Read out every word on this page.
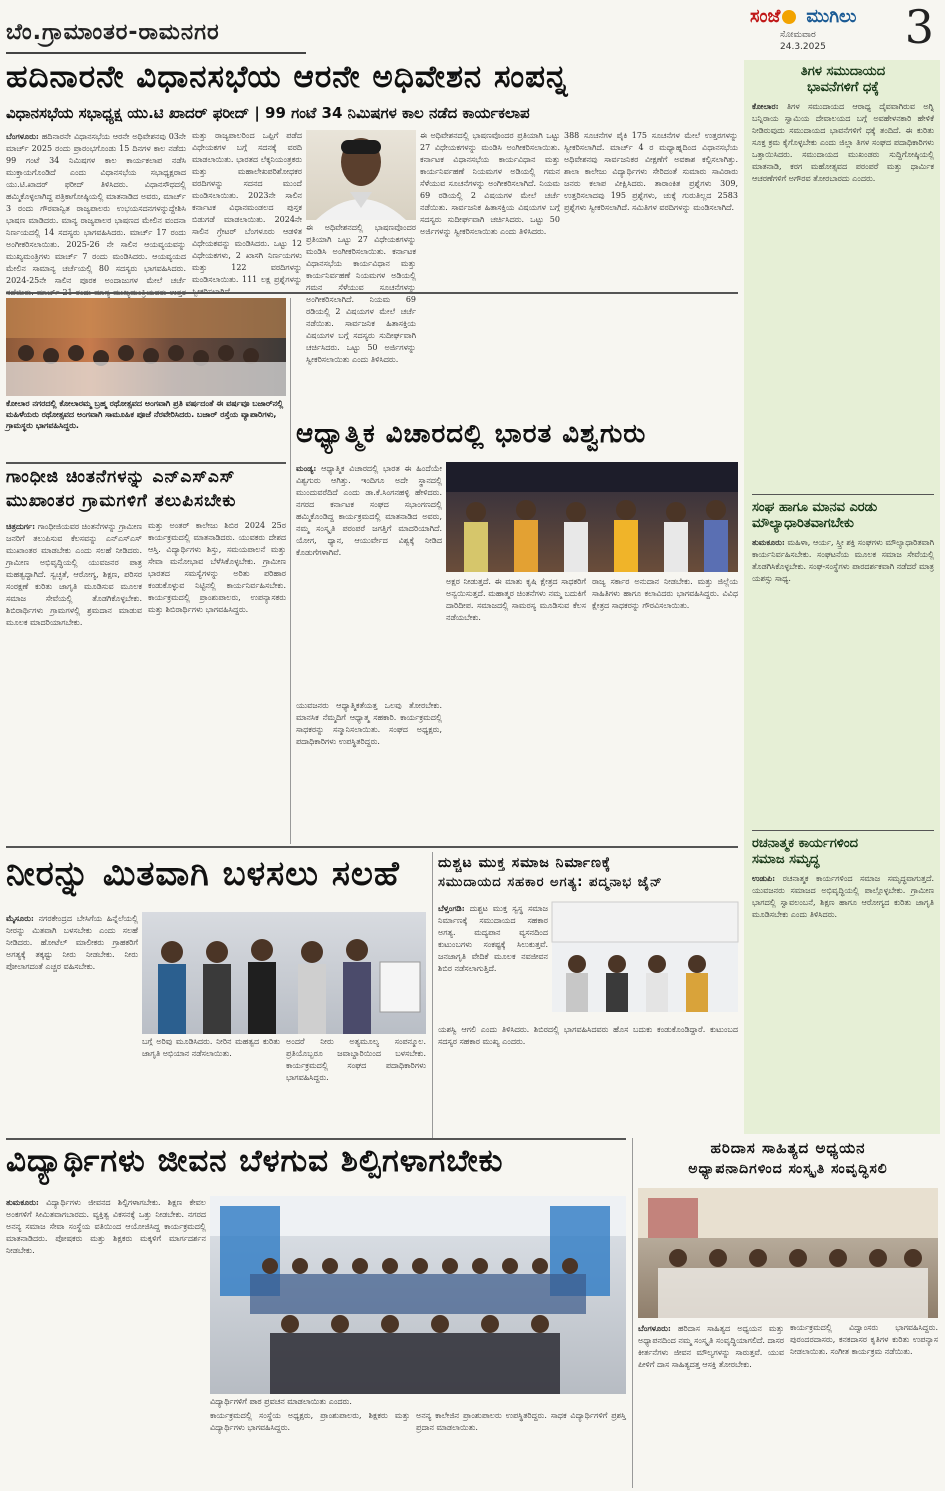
ಬೆಂ.ಗ್ರಾಮಾಂತರ-ರಾಮನಗರ
ಸಂಜೆ ಮುಗಿಲು
ಸೋಮವಾರ
24.3.2025 3
ಹದಿನಾರನೇ ವಿಧಾನಸಭೆಯ ಆರನೇ ಅಧಿವೇಶನ ಸಂಪನ್ನ
ವಿಧಾನಸಭೆಯ ಸಭಾಧ್ಯಕ್ಷ ಯು.ಟಿ ಖಾದರ್ ಫರೀದ್ | 99 ಗಂಟೆ 34 ನಿಮಿಷಗಳ ಕಾಲ ನಡೆದ ಕಾರ್ಯಕಲಾಪ
ಬೆಂಗಳೂರು: ಹದಿನಾರನೇ ವಿಧಾನಸಭೆಯ ಆರನೇ ಅಧಿವೇಶನವು 03ನೇ ಮಾರ್ಚ್ 2025 ರಂದು ಪ್ರಾರಂಭಗೊಂಡು 15 ದಿನಗಳ ಕಾಲ ನಡೆದು 99 ಗಂಟೆ 34 ನಿಮಿಷಗಳ ಕಾಲ ಕಾರ್ಯಕಲಾಪ ನಡೆಸಿ ಮುಕ್ತಾಯಗೊಂಡಿದೆ ಎಂದು ವಿಧಾನಸಭೆಯ ಸಭಾಧ್ಯಕ್ಷರಾದ ಯು.ಟಿ.ಖಾದರ್ ಫರೀದ್ ತಿಳಿಸಿದರು. ವಿಧಾನಸೌಧದಲ್ಲಿ ಹಮ್ಮಿಕೊಳ್ಳಲಾಗಿದ್ದ ಪತ್ರಿಕಾಗೋಷ್ಠಿಯಲ್ಲಿ ಮಾತನಾಡಿದ ಅವರು, ಮಾರ್ಚ್ 3 ರಂದು ಗೌರವಾನ್ವಿತ ರಾಜ್ಯಪಾಲರು ಉಭಯಸದನಗಳನ್ನುದ್ದೇಶಿಸಿ ಭಾಷಣ ಮಾಡಿದರು. ಮಾನ್ಯ ರಾಜ್ಯಪಾಲರ ಭಾಷಣದ ಮೇಲಿನ ವಂದನಾ ನಿರ್ಣಯದಲ್ಲಿ 14 ಸದಸ್ಯರು ಭಾಗವಹಿಸಿದರು. ಮಾರ್ಚ್ 17 ರಂದು ಅಂಗೀಕರಿಸಲಾಯಿತು. 2025-26 ನೇ ಸಾಲಿನ ಆಯವ್ಯಯವನ್ನು ಮುಖ್ಯಮಂತ್ರಿಗಳು ಮಾರ್ಚ್ 7 ರಂದು ಮಂಡಿಸಿದರು. ಆಯವ್ಯಯದ ಮೇಲಿನ ಸಾಮಾನ್ಯ ಚರ್ಚೆಯಲ್ಲಿ 80 ಸದಸ್ಯರು ಭಾಗವಹಿಸಿದರು. 2024-25ನೇ ಸಾಲಿನ ಪೂರಕ ಅಂದಾಜುಗಳ ಮೇಲೆ ಚರ್ಚೆ
ಮತ್ತು ರಾಜ್ಯಪಾಲರಿಂದ ಒಪ್ಪಿಗೆ ಪಡೆದ ವಿಧೇಯಕಗಳ ಬಗ್ಗೆ ಸದನಕ್ಕೆ ವರದಿ ಮಾಡಲಾಯಿತು. ಭಾರತದ ಲೆಕ್ಕನಿಯಂತ್ರಕರು ಮತ್ತು ಮಹಾಲೇಖಪರಿಶೋಧಕರ ವರದಿಗಳನ್ನು ಸದನದ ಮುಂದೆ ಮಂಡಿಸಲಾಯಿತು. 2023ನೇ ಸಾಲಿನ ಕರ್ನಾಟಕ ವಿಧಾನಮಂಡಲದ ಪುಸ್ತಕ ಬಿಡುಗಡೆ ಮಾಡಲಾಯಿತು. 2024ನೇ ಸಾಲಿನ ಗ್ರೇಟರ್ ಬೆಂಗಳೂರು ಆಡಳಿತ ವಿಧೇಯಕವನ್ನು ಮಂಡಿಸಿದರು. ಒಟ್ಟು 12 ವಿಧೇಯಕಗಳು, 2 ಖಾಸಗಿ ನಿರ್ಣಯಗಳು ಮತ್ತು 122 ವರದಿಗಳನ್ನು ಮಂಡಿಸಲಾಯಿತು. 111 ಲಕ್ಷ ಪ್ರಶ್ನೆಗಳನ್ನು
ಈ ಅಧಿವೇಶನದಲ್ಲಿ ಭಾಷಣವೊಂದರ ಪ್ರತಿಯಾಗಿ ಒಟ್ಟು 27 ವಿಧೇಯಕಗಳನ್ನು ಮಂಡಿಸಿ ಅಂಗೀಕರಿಸಲಾಯಿತು. ಕರ್ನಾಟಕ ವಿಧಾನಸಭೆಯ ಕಾರ್ಯವಿಧಾನ ಮತ್ತು ಕಾರ್ಯನಿರ್ವಹಣೆ ನಿಯಮಗಳ ಅಡಿಯಲ್ಲಿ ಗಮನ ಸೆಳೆಯುವ ಸೂಚನೆಗಳನ್ನು ಅಂಗೀಕರಿಸಲಾಗಿದೆ. ನಿಯಮ 69 ರಡಿಯಲ್ಲಿ 2 ವಿಷಯಗಳ ಮೇಲೆ ಚರ್ಚೆ ನಡೆಯಿತು. ಸಾರ್ವಜನಿಕ ಹಿತಾಸಕ್ತಿಯ ವಿಷಯಗಳ ಬಗ್ಗೆ ಸದಸ್ಯರು ಸುದೀರ್ಘವಾಗಿ ಚರ್ಚಿಸಿದರು. ಒಟ್ಟು 50 ಅರ್ಜಿಗಳನ್ನು ಸ್ವೀಕರಿಸಲಾಯಿತು ಎಂದು ತಿಳಿಸಿದರು.
ಈ ಅಧಿವೇಶನದಲ್ಲಿ ಭಾಷಣವೊಂದರ ಪ್ರತಿಯಾಗಿ ಒಟ್ಟು 27 ವಿಧೇಯಕಗಳನ್ನು ಮಂಡಿಸಿ ಅಂಗೀಕರಿಸಲಾಯಿತು. ಕರ್ನಾಟಕ ವಿಧಾನಸಭೆಯ ಕಾರ್ಯವಿಧಾನ ಮತ್ತು ಕಾರ್ಯನಿರ್ವಹಣೆ ನಿಯಮಗಳ ಅಡಿಯಲ್ಲಿ ಗಮನ ಸೆಳೆಯುವ ಸೂಚನೆಗಳನ್ನು ಅಂಗೀಕರಿಸಲಾಗಿದೆ. ನಿಯಮ 69 ರಡಿಯಲ್ಲಿ 2 ವಿಷಯಗಳ ಮೇಲೆ ಚರ್ಚೆ ನಡೆಯಿತು. ಸಾರ್ವಜನಿಕ ಹಿತಾಸಕ್ತಿಯ ವಿಷಯಗಳ ಬಗ್ಗೆ ಸದಸ್ಯರು ಸುದೀರ್ಘವಾಗಿ ಚರ್ಚಿಸಿದರು. ಒಟ್ಟು 50 ಅರ್ಜಿಗಳನ್ನು ಸ್ವೀಕರಿಸಲಾಯಿತು ಎಂದು ತಿಳಿಸಿದರು.
388 ಸೂಚನೆಗಳ ಪೈಕಿ 175 ಸೂಚನೆಗಳ ಮೇಲೆ ಉತ್ತರಗಳನ್ನು ಸ್ವೀಕರಿಸಲಾಗಿದೆ. ಮಾರ್ಚ್ 4 ರ ಮಧ್ಯಾಹ್ನದಿಂದ ವಿಧಾನಸಭೆಯ ಅಧಿವೇಶನವು ಸಾರ್ವಜನಿಕರ ವೀಕ್ಷಣೆಗೆ ಅವಕಾಶ ಕಲ್ಪಿಸಲಾಗಿತ್ತು. ಶಾಲಾ ಕಾಲೇಜು ವಿದ್ಯಾರ್ಥಿಗಳು ಸೇರಿದಂತೆ ಸುಮಾರು ಸಾವಿರಾರು ಜನರು ಕಲಾಪ ವೀಕ್ಷಿಸಿದರು. ತಾರಾಂಕಿತ ಪ್ರಶ್ನೆಗಳು 309, ಉತ್ತರಿಸಲಾದವು 195 ಪ್ರಶ್ನೆಗಳು, ಚುಕ್ಕೆ ಗುರುತಿಲ್ಲದ 2583 ಪ್ರಶ್ನೆಗಳು ಸ್ವೀಕರಿಸಲಾಗಿದೆ. ಸಮಿತಿಗಳ ವರದಿಗಳನ್ನು ಮಂಡಿಸಲಾಗಿದೆ.
ಕೋಲಾರ ನಗರದಲ್ಲಿ ಕೋಲಾರಮ್ಮ ಬ್ರಹ್ಮ ರಥೋತ್ಸವದ ಅಂಗವಾಗಿ ಪ್ರತಿ ವರ್ಷದಂತೆ ಈ ವರ್ಷವೂ ಬಜಾರ್‌ನಲ್ಲಿ ಮಹಿಳೆಯರು ರಥೋತ್ಸವದ ಅಂಗವಾಗಿ ಸಾಮೂಹಿಕ ಪೂಜೆ ನೆರವೇರಿಸಿದರು. ಬಜಾರ್ ರಸ್ತೆಯ ವ್ಯಾಪಾರಿಗಳು, ಗ್ರಾಮಸ್ಥರು ಭಾಗವಹಿಸಿದ್ದರು.
ಗಾಂಧೀಜಿ ಚಿಂತನೆಗಳನ್ನು ಎನ್‌ಎಸ್‌ಎಸ್
ಮುಖಾಂತರ ಗ್ರಾಮಗಳಿಗೆ ತಲುಪಿಸಬೇಕು
ಚಿತ್ರದುರ್ಗ: ಗಾಂಧೀಜಿಯವರ ಚಿಂತನೆಗಳನ್ನು ಗ್ರಾಮೀಣ ಜನರಿಗೆ ತಲುಪಿಸುವ ಕೆಲಸವನ್ನು ಎನ್‌ಎಸ್‌ಎಸ್ ಮುಖಾಂತರ ಮಾಡಬೇಕು ಎಂದು ಸಲಹೆ ನೀಡಿದರು. ಗ್ರಾಮೀಣ ಅಭಿವೃದ್ಧಿಯಲ್ಲಿ ಯುವಜನರ ಪಾತ್ರ ಮಹತ್ವದ್ದಾಗಿದೆ. ಸ್ವಚ್ಛತೆ, ಆರೋಗ್ಯ, ಶಿಕ್ಷಣ, ಪರಿಸರ ಸಂರಕ್ಷಣೆ ಕುರಿತು ಜಾಗೃತಿ ಮೂಡಿಸುವ ಮೂಲಕ ಸಮಾಜ ಸೇವೆಯಲ್ಲಿ ತೊಡಗಿಕೊಳ್ಳಬೇಕು. ಶಿಬಿರಾರ್ಥಿಗಳು ಗ್ರಾಮಗಳಲ್ಲಿ ಶ್ರಮದಾನ ಮಾಡುವ ಮೂಲಕ ಮಾದರಿಯಾಗಬೇಕು.
ಮತ್ತು ಅಂತರ್ ಕಾಲೇಜು ಶಿಬಿರ 2024 25ರ ಕಾರ್ಯಕ್ರಮದಲ್ಲಿ ಮಾತನಾಡಿದರು. ಯುವಕರು ದೇಶದ ಆಸ್ತಿ. ವಿದ್ಯಾರ್ಥಿಗಳು ಶಿಸ್ತು, ಸಮಯಪಾಲನೆ ಮತ್ತು ಸೇವಾ ಮನೋಭಾವ ಬೆಳೆಸಿಕೊಳ್ಳಬೇಕು. ಗ್ರಾಮೀಣ ಭಾರತದ ಸಮಸ್ಯೆಗಳನ್ನು ಅರಿತು ಪರಿಹಾರ ಕಂಡುಕೊಳ್ಳುವ ನಿಟ್ಟಿನಲ್ಲಿ ಕಾರ್ಯನಿರ್ವಹಿಸಬೇಕು. ಕಾರ್ಯಕ್ರಮದಲ್ಲಿ ಪ್ರಾಂಶುಪಾಲರು, ಉಪನ್ಯಾಸಕರು ಮತ್ತು ಶಿಬಿರಾರ್ಥಿಗಳು ಭಾಗವಹಿಸಿದ್ದರು.
ಆಧ್ಯಾತ್ಮಿಕ ವಿಚಾರದಲ್ಲಿ ಭಾರತ ವಿಶ್ವಗುರು
ಮಂಡ್ಯ: ಆಧ್ಯಾತ್ಮಿಕ ವಿಚಾರದಲ್ಲಿ ಭಾರತ ಈ ಹಿಂದೆಯೇ ವಿಶ್ವಗುರು ಆಗಿತ್ತು. ಇಂದಿಗೂ ಅದೇ ಸ್ಥಾನದಲ್ಲಿ ಮುಂದುವರೆದಿದೆ ಎಂದು ಡಾ.ಕೆ.ಸಿಂಗನಹಳ್ಳಿ ಹೇಳಿದರು. ನಗರದ ಕರ್ನಾಟಕ ಸಂಘದ ಸಭಾಂಗಣದಲ್ಲಿ ಹಮ್ಮಿಕೊಂಡಿದ್ದ ಕಾರ್ಯಕ್ರಮದಲ್ಲಿ ಮಾತನಾಡಿದ ಅವರು, ನಮ್ಮ ಸಂಸ್ಕೃತಿ ಪರಂಪರೆ ಜಗತ್ತಿಗೆ ಮಾದರಿಯಾಗಿದೆ. ಯೋಗ, ಧ್ಯಾನ, ಆಯುರ್ವೇದ ವಿಶ್ವಕ್ಕೆ ನೀಡಿದ ಕೊಡುಗೆಗಳಾಗಿವೆ.
ಅಕ್ಷರ ನೀಡುತ್ತದೆ. ಈ ಮಾತು ಕೃಷಿ ಕ್ಷೇತ್ರದ ಸಾಧಕರಿಗೆ ಅನ್ವಯಿಸುತ್ತದೆ. ಮಹಾತ್ಮರ ಚಿಂತನೆಗಳು ನಮ್ಮ ಬದುಕಿಗೆ ದಾರಿದೀಪ. ಸಮಾಜದಲ್ಲಿ ಸಾಮರಸ್ಯ ಮೂಡಿಸುವ ಕೆಲಸ ನಡೆಯಬೇಕು.
ರಾಜ್ಯ ಸರ್ಕಾರ ಅನುದಾನ ನೀಡಬೇಕು. ಮತ್ತು ಜಿಲ್ಲೆಯ ಸಾಹಿತಿಗಳು ಹಾಗೂ ಕಲಾವಿದರು ಭಾಗವಹಿಸಿದ್ದರು. ವಿವಿಧ ಕ್ಷೇತ್ರದ ಸಾಧಕರನ್ನು ಗೌರವಿಸಲಾಯಿತು.
ಯುವಜನರು ಆಧ್ಯಾತ್ಮಿಕತೆಯತ್ತ ಒಲವು ತೋರಬೇಕು. ಮಾನಸಿಕ ನೆಮ್ಮದಿಗೆ ಆಧ್ಯಾತ್ಮ ಸಹಕಾರಿ. ಕಾರ್ಯಕ್ರಮದಲ್ಲಿ ಸಾಧಕರನ್ನು ಸನ್ಮಾನಿಸಲಾಯಿತು. ಸಂಘದ ಅಧ್ಯಕ್ಷರು, ಪದಾಧಿಕಾರಿಗಳು ಉಪಸ್ಥಿತರಿದ್ದರು.
ನೀರನ್ನು ಮಿತವಾಗಿ ಬಳಸಲು ಸಲಹೆ
ಮೈಸೂರು: ನಗರಕೇಂದ್ರದ ಬೇಸಿಗೆಯ ಹಿನ್ನೆಲೆಯಲ್ಲಿ ನೀರನ್ನು ಮಿತವಾಗಿ ಬಳಸಬೇಕು ಎಂದು ಸಲಹೆ ನೀಡಿದರು. ಹೋಟೆಲ್ ಮಾಲೀಕರು ಗ್ರಾಹಕರಿಗೆ ಅಗತ್ಯಕ್ಕೆ ತಕ್ಕಷ್ಟು ನೀರು ನೀಡಬೇಕು. ನೀರು ಪೋಲಾಗದಂತೆ ಎಚ್ಚರ ವಹಿಸಬೇಕು.
ಬಗ್ಗೆ ಅರಿವು ಮೂಡಿಸಿದರು. ನೀರಿನ ಮಹತ್ವದ ಕುರಿತು ಜಾಗೃತಿ ಅಭಿಯಾನ ನಡೆಸಲಾಯಿತು.
ಅಂದರೆ ನೀರು ಅತ್ಯಮೂಲ್ಯ ಸಂಪನ್ಮೂಲ. ಪ್ರತಿಯೊಬ್ಬರೂ ಜವಾಬ್ದಾರಿಯಿಂದ ಬಳಸಬೇಕು. ಕಾರ್ಯಕ್ರಮದಲ್ಲಿ ಸಂಘದ ಪದಾಧಿಕಾರಿಗಳು ಭಾಗವಹಿಸಿದ್ದರು.
ದುಶ್ಚಟ ಮುಕ್ತ ಸಮಾಜ ನಿರ್ಮಾಣಕ್ಕೆ
ಸಮುದಾಯದ ಸಹಕಾರ ಅಗತ್ಯ: ಪದ್ಮನಾಭ ಜೈನ್
ಬೆಳ್ತಂಗಡಿ: ದುಶ್ಚಟ ಮುಕ್ತ ಸ್ವಸ್ಥ ಸಮಾಜ ನಿರ್ಮಾಣಕ್ಕೆ ಸಮುದಾಯದ ಸಹಕಾರ ಅಗತ್ಯ. ಮದ್ಯಪಾನ ವ್ಯಸನದಿಂದ ಕುಟುಂಬಗಳು ಸಂಕಷ್ಟಕ್ಕೆ ಸಿಲುಕುತ್ತವೆ. ಜನಜಾಗೃತಿ ವೇದಿಕೆ ಮೂಲಕ ನವಜೀವನ ಶಿಬಿರ ನಡೆಸಲಾಗುತ್ತಿದೆ.
ಯಶಸ್ವಿ ಆಗಲಿ ಎಂದು ತಿಳಿಸಿದರು. ಶಿಬಿರದಲ್ಲಿ ಭಾಗವಹಿಸಿದವರು ಹೊಸ ಬದುಕು ಕಂಡುಕೊಂಡಿದ್ದಾರೆ. ಕುಟುಂಬದ ಸದಸ್ಯರ ಸಹಕಾರ ಮುಖ್ಯ ಎಂದರು.
ವಿದ್ಯಾರ್ಥಿಗಳು ಜೀವನ ಬೆಳಗುವ ಶಿಲ್ಪಿಗಳಾಗಬೇಕು
ತುಮಕೂರು: ವಿದ್ಯಾರ್ಥಿಗಳು ಜೀವನದ ಶಿಲ್ಪಿಗಳಾಗಬೇಕು. ಶಿಕ್ಷಣ ಕೇವಲ ಅಂಕಗಳಿಗೆ ಸೀಮಿತವಾಗಬಾರದು. ವ್ಯಕ್ತಿತ್ವ ವಿಕಸನಕ್ಕೆ ಒತ್ತು ನೀಡಬೇಕು. ನಗರದ ಅನನ್ಯ ಸಮಾಜ ಸೇವಾ ಸಂಸ್ಥೆಯ ವತಿಯಿಂದ ಆಯೋಜಿಸಿದ್ದ ಕಾರ್ಯಕ್ರಮದಲ್ಲಿ ಮಾತನಾಡಿದರು. ಪೋಷಕರು ಮತ್ತು ಶಿಕ್ಷಕರು ಮಕ್ಕಳಿಗೆ ಮಾರ್ಗದರ್ಶನ ನೀಡಬೇಕು.
ವಿದ್ಯಾರ್ಥಿಗಳಿಗೆ ಪಾಠ ಪ್ರವಚನ ಮಾಡಲಾಯಿತು ಎಂದರು.
ಕಾರ್ಯಕ್ರಮದಲ್ಲಿ ಸಂಸ್ಥೆಯ ಅಧ್ಯಕ್ಷರು, ಪ್ರಾಂಶುಪಾಲರು, ಶಿಕ್ಷಕರು ಮತ್ತು ವಿದ್ಯಾರ್ಥಿಗಳು ಭಾಗವಹಿಸಿದ್ದರು.
ಅನನ್ಯ ಕಾಲೇಜಿನ ಪ್ರಾಂಶುಪಾಲರು ಉಪಸ್ಥಿತರಿದ್ದರು. ಸಾಧಕ ವಿದ್ಯಾರ್ಥಿಗಳಿಗೆ ಪ್ರಶಸ್ತಿ ಪ್ರದಾನ ಮಾಡಲಾಯಿತು.
ಹರಿದಾಸ ಸಾಹಿತ್ಯದ ಅಧ್ಯಯನ
ಅಧ್ಯಾಪನಾದಿಗಳಿಂದ ಸಂಸ್ಕೃತಿ ಸಂವೃದ್ಧಿಸಲಿ
ಬೆಂಗಳೂರು: ಹರಿದಾಸ ಸಾಹಿತ್ಯದ ಅಧ್ಯಯನ ಮತ್ತು ಅಧ್ಯಾಪನದಿಂದ ನಮ್ಮ ಸಂಸ್ಕೃತಿ ಸಂವೃದ್ಧಿಯಾಗಲಿದೆ. ದಾಸರ ಕೀರ್ತನೆಗಳು ಜೀವನ ಮೌಲ್ಯಗಳನ್ನು ಸಾರುತ್ತವೆ. ಯುವ ಪೀಳಿಗೆ ದಾಸ ಸಾಹಿತ್ಯದತ್ತ ಆಸಕ್ತಿ ತೋರಬೇಕು.
ಕಾರ್ಯಕ್ರಮದಲ್ಲಿ ವಿದ್ವಾಂಸರು ಭಾಗವಹಿಸಿದ್ದರು. ಪುರಂದರದಾಸರು, ಕನಕದಾಸರ ಕೃತಿಗಳ ಕುರಿತು ಉಪನ್ಯಾಸ ನೀಡಲಾಯಿತು. ಸಂಗೀತ ಕಾರ್ಯಕ್ರಮ ನಡೆಯಿತು.
ತಿಗಳ ಸಮುದಾಯದ
ಭಾವನೆಗಳಿಗೆ ಧಕ್ಕೆ
ಕೋಲಾರ: ತಿಗಳ ಸಮುದಾಯದ ಆರಾಧ್ಯ ದೈವವಾಗಿರುವ ಅಗ್ನಿ ಬನ್ನಿರಾಯ ಸ್ವಾಮಿಯ ದೇವಾಲಯದ ಬಗ್ಗೆ ಅವಹೇಳನಕಾರಿ ಹೇಳಿಕೆ ನೀಡಿರುವುದು ಸಮುದಾಯದ ಭಾವನೆಗಳಿಗೆ ಧಕ್ಕೆ ತಂದಿದೆ. ಈ ಕುರಿತು ಸೂಕ್ತ ಕ್ರಮ ಕೈಗೊಳ್ಳಬೇಕು ಎಂದು ಜಿಲ್ಲಾ ತಿಗಳ ಸಂಘದ ಪದಾಧಿಕಾರಿಗಳು ಒತ್ತಾಯಿಸಿದರು. ಸಮುದಾಯದ ಮುಖಂಡರು ಸುದ್ದಿಗೋಷ್ಠಿಯಲ್ಲಿ ಮಾತನಾಡಿ, ಕರಗ ಮಹೋತ್ಸವದ ಪರಂಪರೆ ಮತ್ತು ಧಾರ್ಮಿಕ ಆಚರಣೆಗಳಿಗೆ ಅಗೌರವ ತೋರಬಾರದು ಎಂದರು.
ಸಂಘ ಹಾಗೂ ಮಾನವ ಎರಡು
ಮೌಲ್ಯಾಧಾರಿತವಾಗಬೇಕು
ತುಮಕೂರು: ಮಹಿಳಾ, ಆರ್ಯ, ಸ್ತ್ರೀ ಶಕ್ತಿ ಸಂಘಗಳು ಮೌಲ್ಯಾಧಾರಿತವಾಗಿ ಕಾರ್ಯನಿರ್ವಹಿಸಬೇಕು. ಸಂಘಟನೆಯ ಮೂಲಕ ಸಮಾಜ ಸೇವೆಯಲ್ಲಿ ತೊಡಗಿಸಿಕೊಳ್ಳಬೇಕು. ಸಂಘ-ಸಂಸ್ಥೆಗಳು ಪಾರದರ್ಶಕವಾಗಿ ನಡೆದರೆ ಮಾತ್ರ ಯಶಸ್ಸು ಸಾಧ್ಯ.
ರಚನಾತ್ಮಕ ಕಾರ್ಯಗಳಿಂದ
ಸಮಾಜ ಸಮೃದ್ಧ
ಉಡುಪಿ: ರಚನಾತ್ಮಕ ಕಾರ್ಯಗಳಿಂದ ಸಮಾಜ ಸಮೃದ್ಧವಾಗುತ್ತದೆ. ಯುವಜನರು ಸಮಾಜದ ಅಭಿವೃದ್ಧಿಯಲ್ಲಿ ಪಾಲ್ಗೊಳ್ಳಬೇಕು. ಗ್ರಾಮೀಣ ಭಾಗದಲ್ಲಿ ಸ್ವಾವಲಂಬನೆ, ಶಿಕ್ಷಣ ಹಾಗೂ ಆರೋಗ್ಯದ ಕುರಿತು ಜಾಗೃತಿ ಮೂಡಿಸಬೇಕು ಎಂದು ತಿಳಿಸಿದರು.
